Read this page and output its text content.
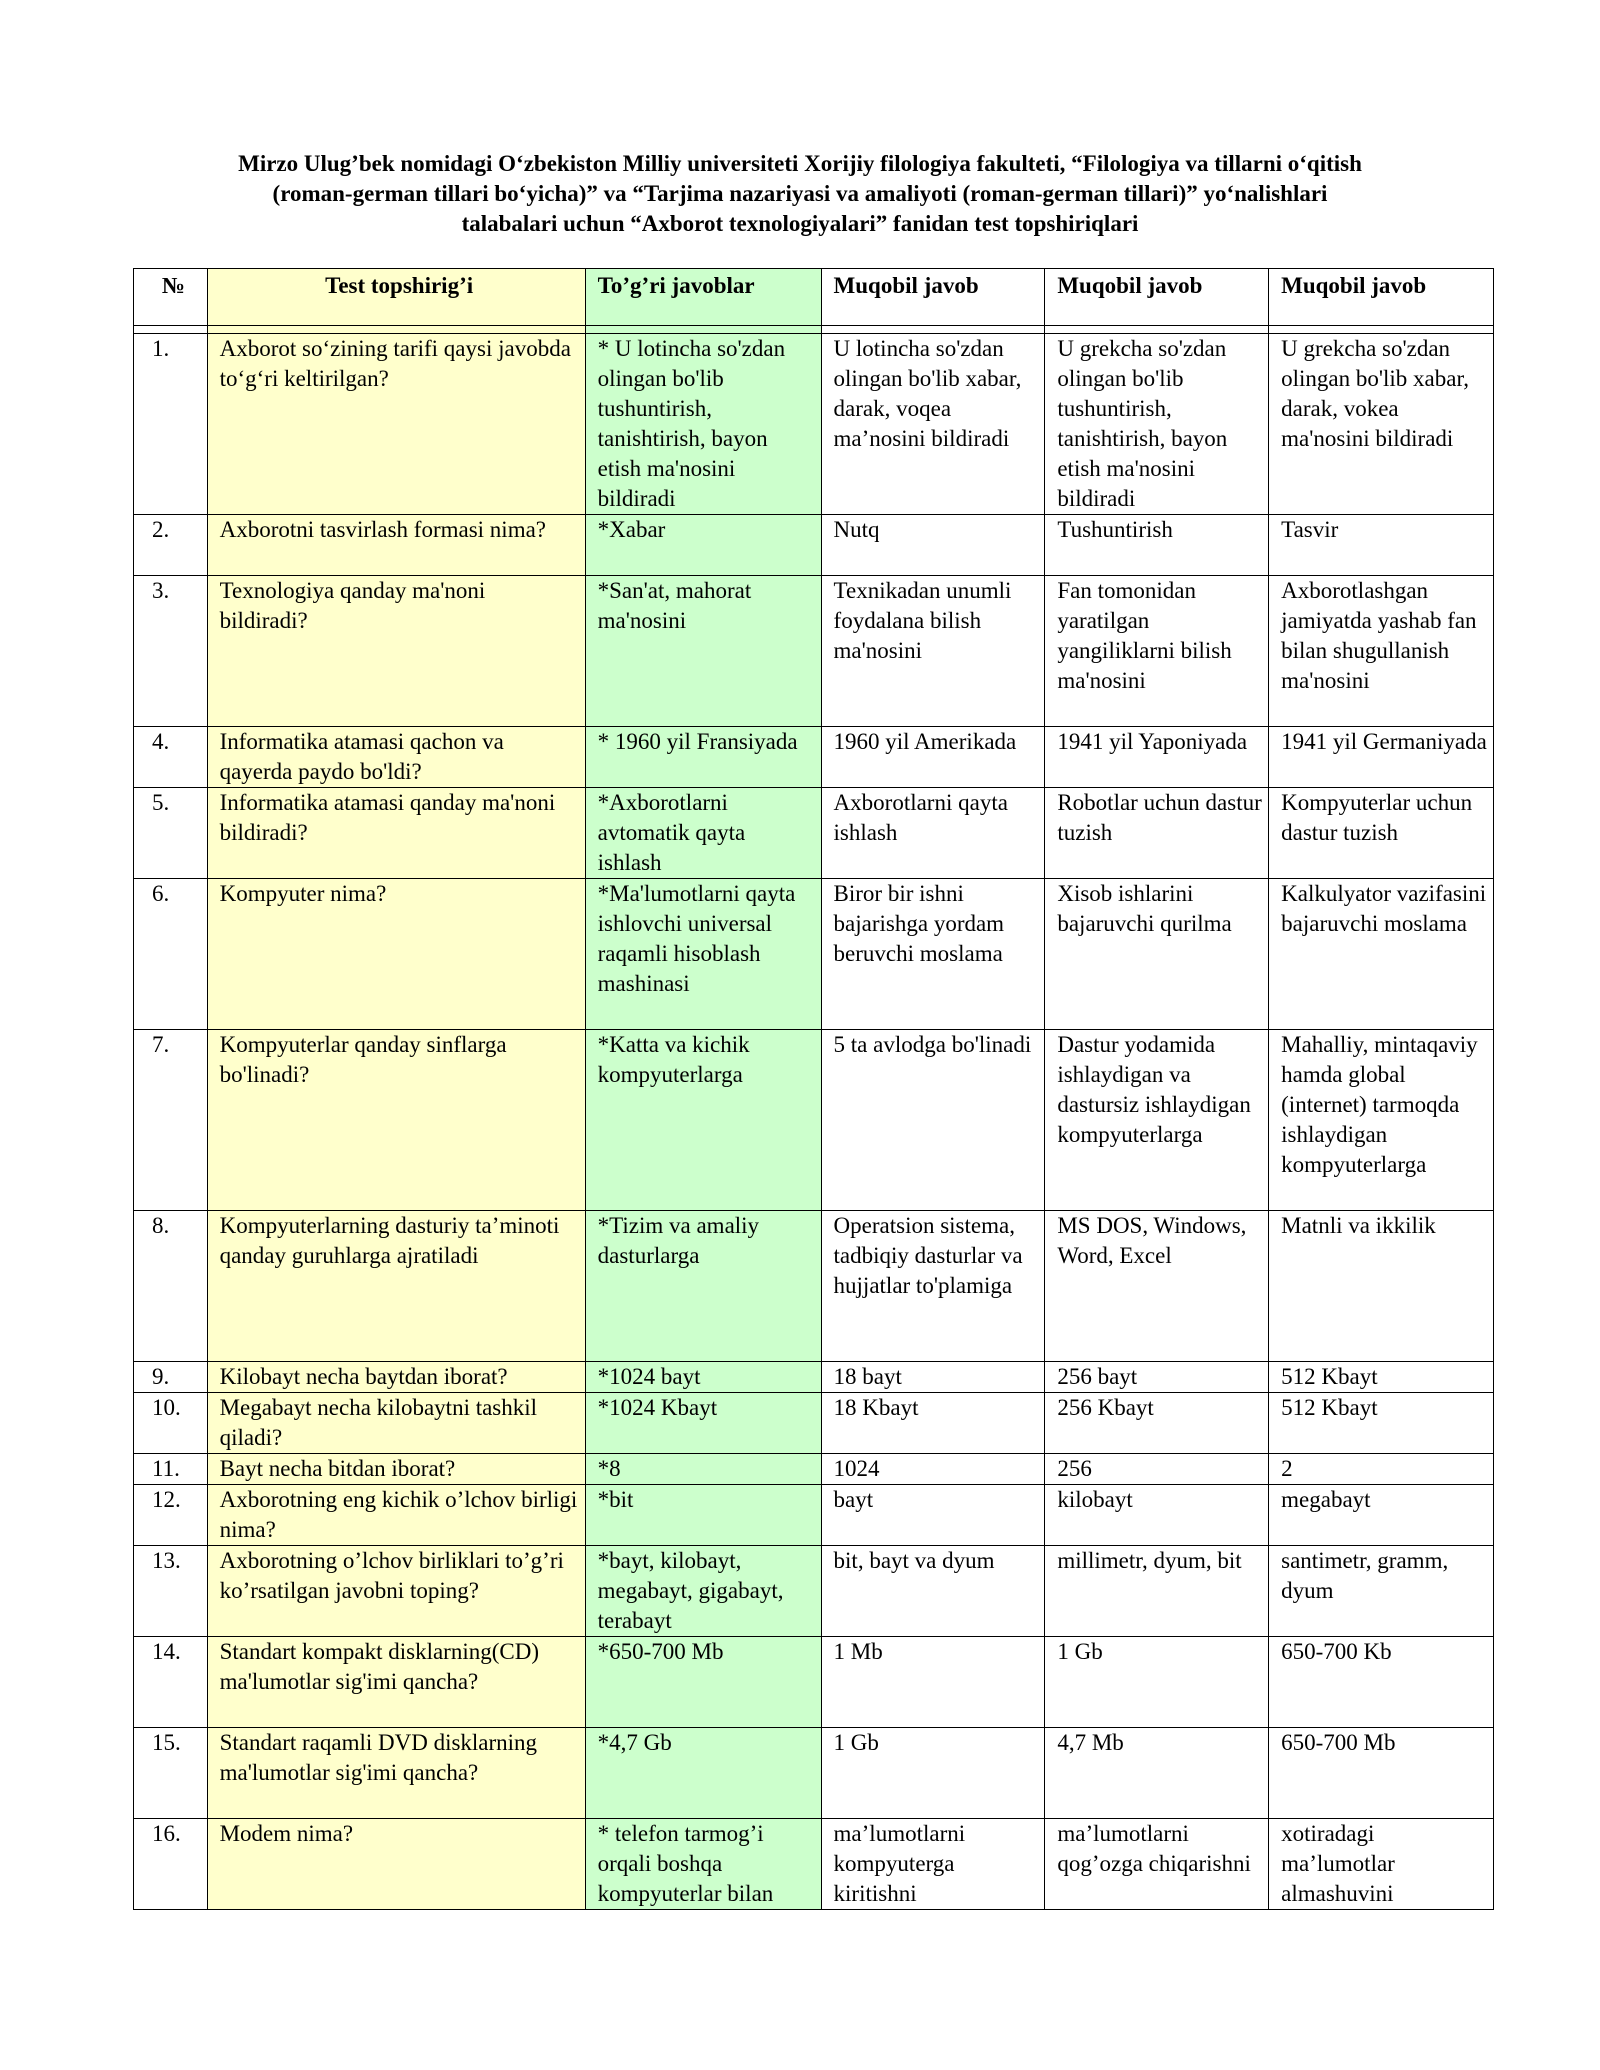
Mirzo Ulug’bek nomidagi O‘zbekiston Milliy universiteti Xorijiy filologiya fakulteti, “Filologiya va tillarni o‘qitish
(roman-german tillari bo‘yicha)” va “Tarjima nazariyasi va amaliyoti (roman-german tillari)” yo‘nalishlari
talabalari uchun “Axborot texnologiyalari” fanidan test topshiriqlari
№	Test topshirig’i	To’g’ri javoblar	Muqobil javob	Muqobil javob	Muqobil javob

1.	Axborot so‘zining tarifi qaysi javobda to‘g‘ri keltirilgan?	* U lotincha so'zdan olingan bo'lib tushuntirish, tanishtirish, bayon etish ma'nosini bildiradi	U lotincha so'zdan olingan bo'lib xabar, darak, voqea ma’nosini bildiradi	U grekcha so'zdan olingan bo'lib tushuntirish, tanishtirish, bayon etish ma'nosini bildiradi	U grekcha so'zdan olingan bo'lib xabar, darak, vokea ma'nosini bildiradi
2.	Axborotni tasvirlash formasi nima?	*Xabar	Nutq	Tushuntirish	Tasvir
3.	Texnologiya qanday ma'noni bildiradi?	*San'at, mahorat ma'nosini	Texnikadan unumli foydalana bilish ma'nosini	Fan tomonidan yaratilgan yangiliklarni bilish ma'nosini	Axborotlashgan jamiyatda yashab fan bilan shugullanish ma'nosini
4.	Informatika atamasi qachon va qayerda paydo bo'ldi?	* 1960 yil Fransiyada	1960 yil Amerikada	1941 yil Yaponiyada	1941 yil Germaniyada
5.	Informatika atamasi qanday ma'noni bildiradi?	*Axborotlarni avtomatik qayta ishlash	Axborotlarni qayta ishlash	Robotlar uchun dastur tuzish	Kompyuterlar uchun dastur tuzish
6.	Kompyuter nima?	*Ma'lumotlarni qayta ishlovchi universal raqamli hisoblash mashinasi	Biror bir ishni bajarishga yordam beruvchi moslama	Xisob ishlarini bajaruvchi qurilma	Kalkulyator vazifasini bajaruvchi moslama
7.	Kompyuterlar qanday sinflarga bo'linadi?	*Katta va kichik kompyuterlarga	5 ta avlodga bo'linadi	Dastur yodamida ishlaydigan va dastursiz ishlaydigan kompyuterlarga	Mahalliy, mintaqaviy hamda global (internet) tarmoqda ishlaydigan kompyuterlarga
8.	Kompyuterlarning dasturiy ta’minoti qanday guruhlarga ajratiladi	*Tizim va amaliy dasturlarga	Operatsion sistema, tadbiqiy dasturlar va hujjatlar to'plamiga	MS DOS, Windows, Word, Excel	Matnli va ikkilik
9.	Kilobayt necha baytdan iborat?	*1024 bayt	18 bayt	256 bayt	512 Kbayt
10.	Megabayt necha kilobaytni tashkil qiladi?	*1024 Kbayt	18 Kbayt	256 Kbayt	512 Kbayt
11.	Bayt necha bitdan iborat?	*8	1024	256	2
12.	Axborotning eng kichik o’lchov birligi nima?	*bit	bayt	kilobayt	megabayt
13.	Axborotning o’lchov birliklari to’g’ri ko’rsatilgan javobni toping?	*bayt, kilobayt, megabayt, gigabayt, terabayt	bit, bayt va dyum	millimetr, dyum, bit	santimetr, gramm, dyum
14.	Standart kompakt disklarning(CD) ma'lumotlar sig'imi qancha?	*650-700 Mb	1 Mb	1 Gb	650-700 Kb
15.	Standart raqamli DVD disklarning ma'lumotlar sig'imi qancha?	*4,7 Gb	1 Gb	4,7 Mb	650-700 Mb
16.	Modem nima?	* telefon tarmog’i orqali boshqa kompyuterlar bilan	ma’lumotlarni kompyuterga kiritishni	ma’lumotlarni qog’ozga chiqarishni	xotiradagi ma’lumotlar almashuvini
